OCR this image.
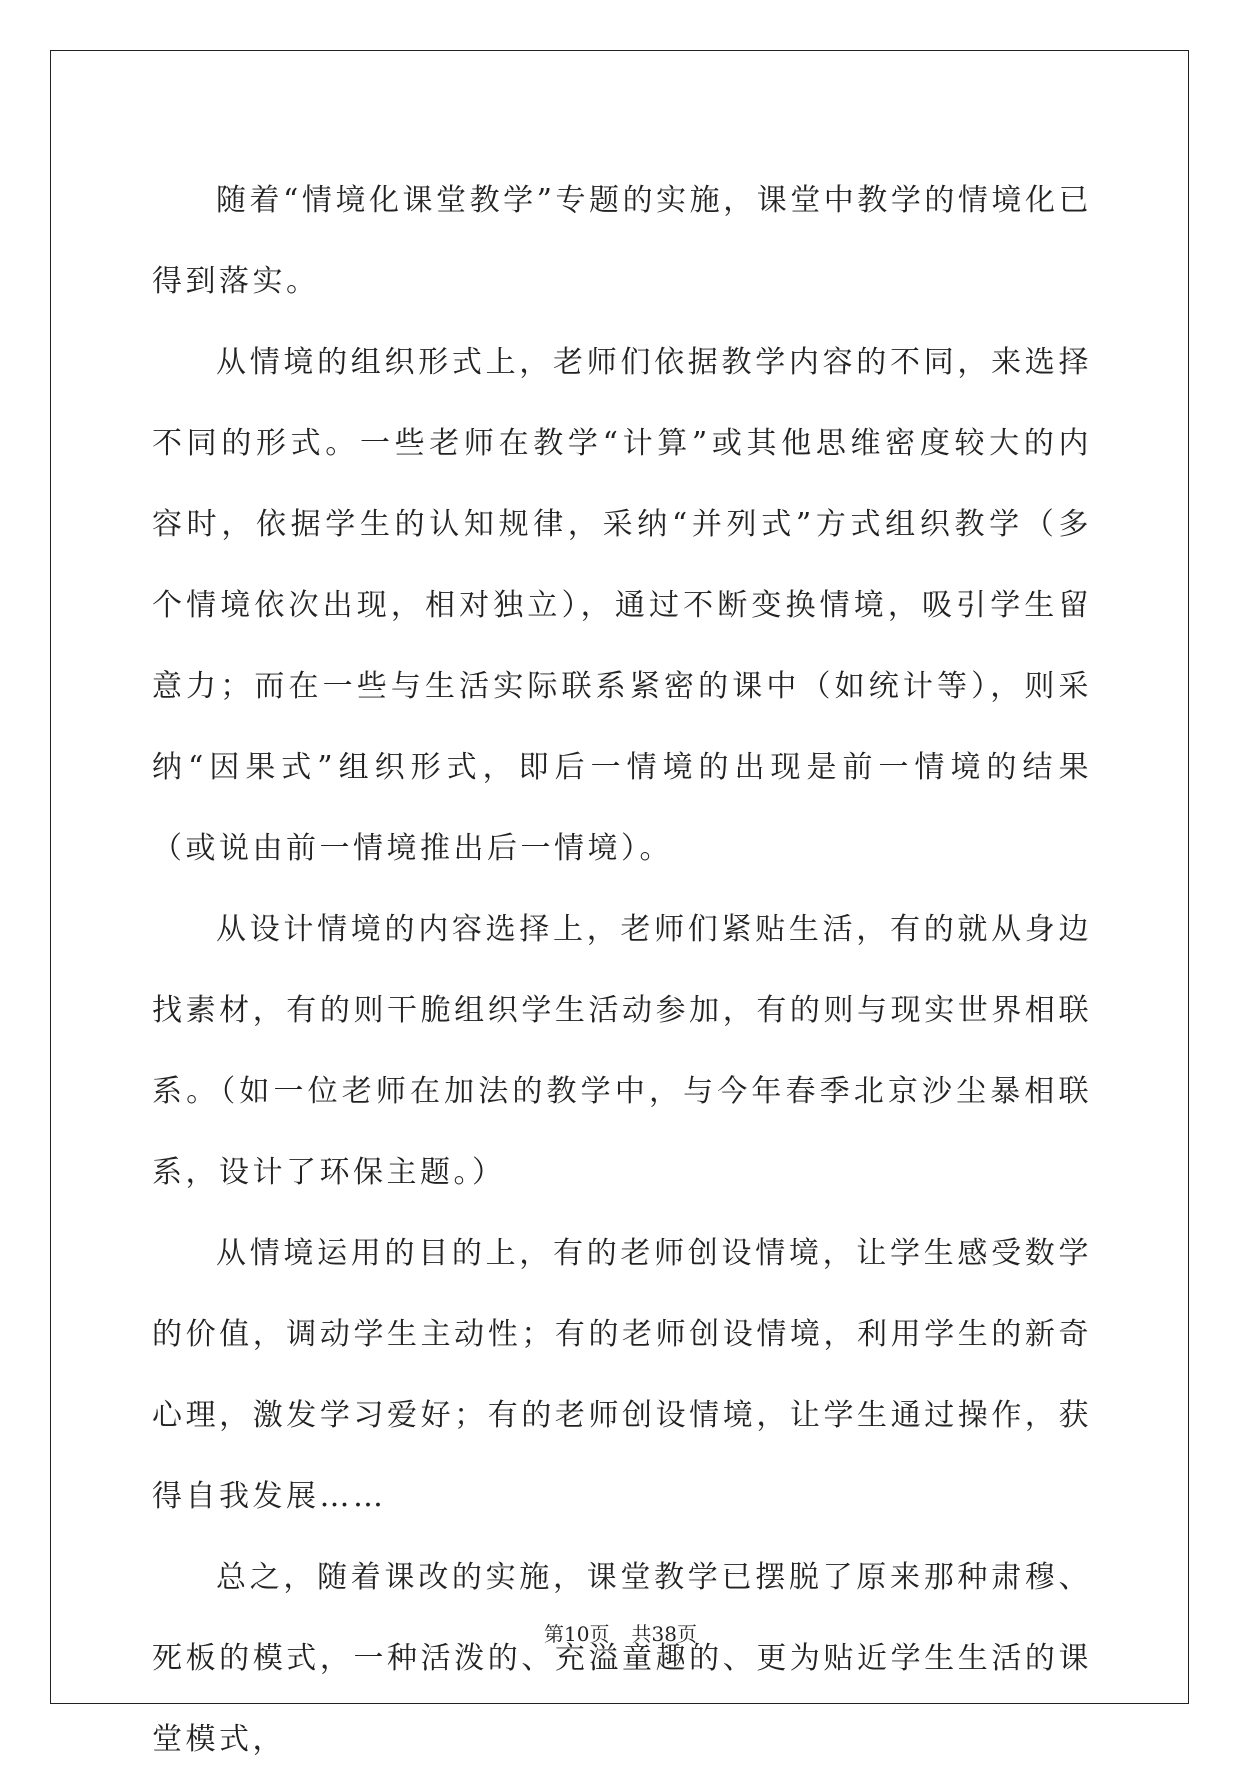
随着“情境化课堂教学”专题的实施，课堂中教学的情境化已得到落实。

从情境的组织形式上，老师们依据教学内容的不同，来选择不同的形式。一些老师在教学“计算”或其他思维密度较大的内容时，依据学生的认知规律，采纳“并列式”方式组织教学（多个情境依次出现，相对独立），通过不断变换情境，吸引学生留意力；而在一些与生活实际联系紧密的课中（如统计等），则采纳“因果式”组织形式，即后一情境的出现是前一情境的结果（或说由前一情境推出后一情境）。

从设计情境的内容选择上，老师们紧贴生活，有的就从身边找素材，有的则干脆组织学生活动参加，有的则与现实世界相联系。（如一位老师在加法的教学中，与今年春季北京沙尘暴相联系，设计了环保主题。）

从情境运用的目的上，有的老师创设情境，让学生感受数学的价值，调动学生主动性；有的老师创设情境，利用学生的新奇心理，激发学习爱好；有的老师创设情境，让学生通过操作，获得自我发展……

总之，随着课改的实施，课堂教学已摆脱了原来那种肃穆、死板的模式，一种活泼的、充溢童趣的、更为贴近学生生活的课堂模式，

第10页 共38页
